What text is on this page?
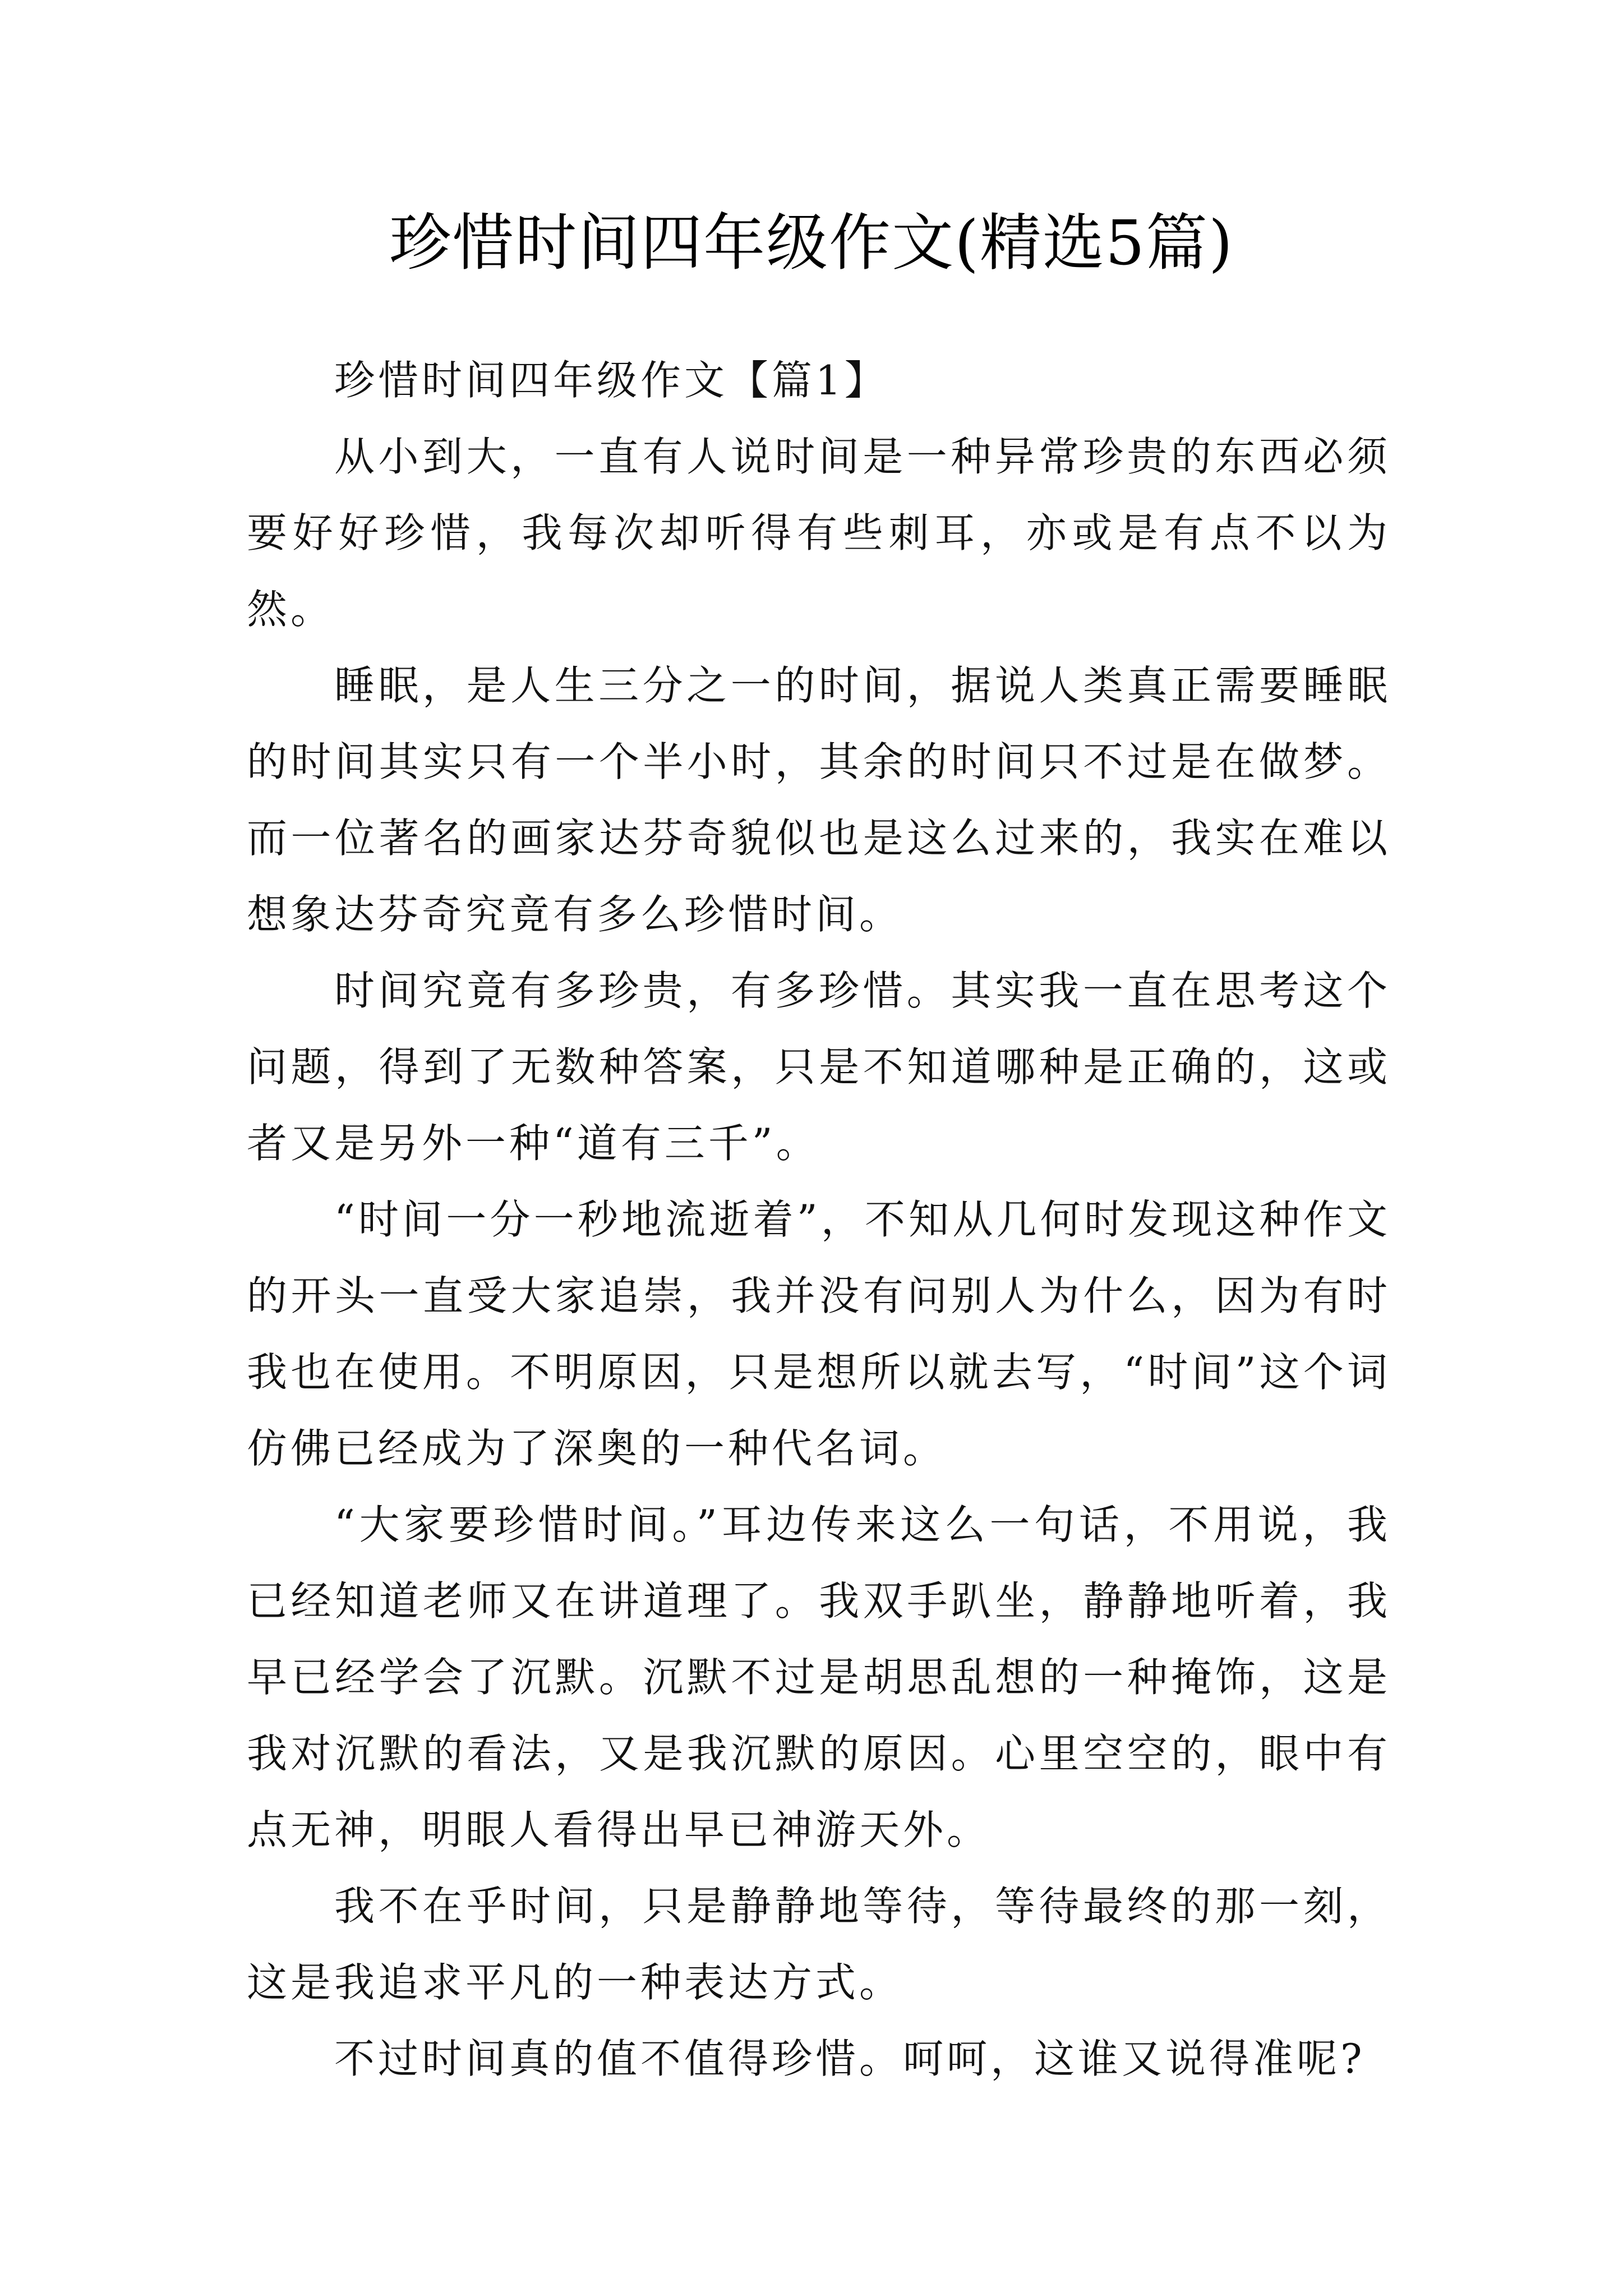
珍惜时间四年级作文(精选5篇)

珍惜时间四年级作文【篇1】

从小到大，一直有人说时间是一种异常珍贵的东西必须要好好珍惜，我每次却听得有些刺耳，亦或是有点不以为然。

睡眠，是人生三分之一的时间，据说人类真正需要睡眠的时间其实只有一个半小时，其余的时间只不过是在做梦。而一位著名的画家达芬奇貌似也是这么过来的，我实在难以想象达芬奇究竟有多么珍惜时间。

时间究竟有多珍贵，有多珍惜。其实我一直在思考这个问题，得到了无数种答案，只是不知道哪种是正确的，这或者又是另外一种“道有三千”。

“时间一分一秒地流逝着”，不知从几何时发现这种作文的开头一直受大家追崇，我并没有问别人为什么，因为有时我也在使用。不明原因，只是想所以就去写，“时间”这个词仿佛已经成为了深奥的一种代名词。

“大家要珍惜时间。”耳边传来这么一句话，不用说，我已经知道老师又在讲道理了。我双手趴坐，静静地听着，我早已经学会了沉默。沉默不过是胡思乱想的一种掩饰，这是我对沉默的看法，又是我沉默的原因。心里空空的，眼中有点无神，明眼人看得出早已神游天外。

我不在乎时间，只是静静地等待，等待最终的那一刻，这是我追求平凡的一种表达方式。

不过时间真的值不值得珍惜。呵呵，这谁又说得准呢?
